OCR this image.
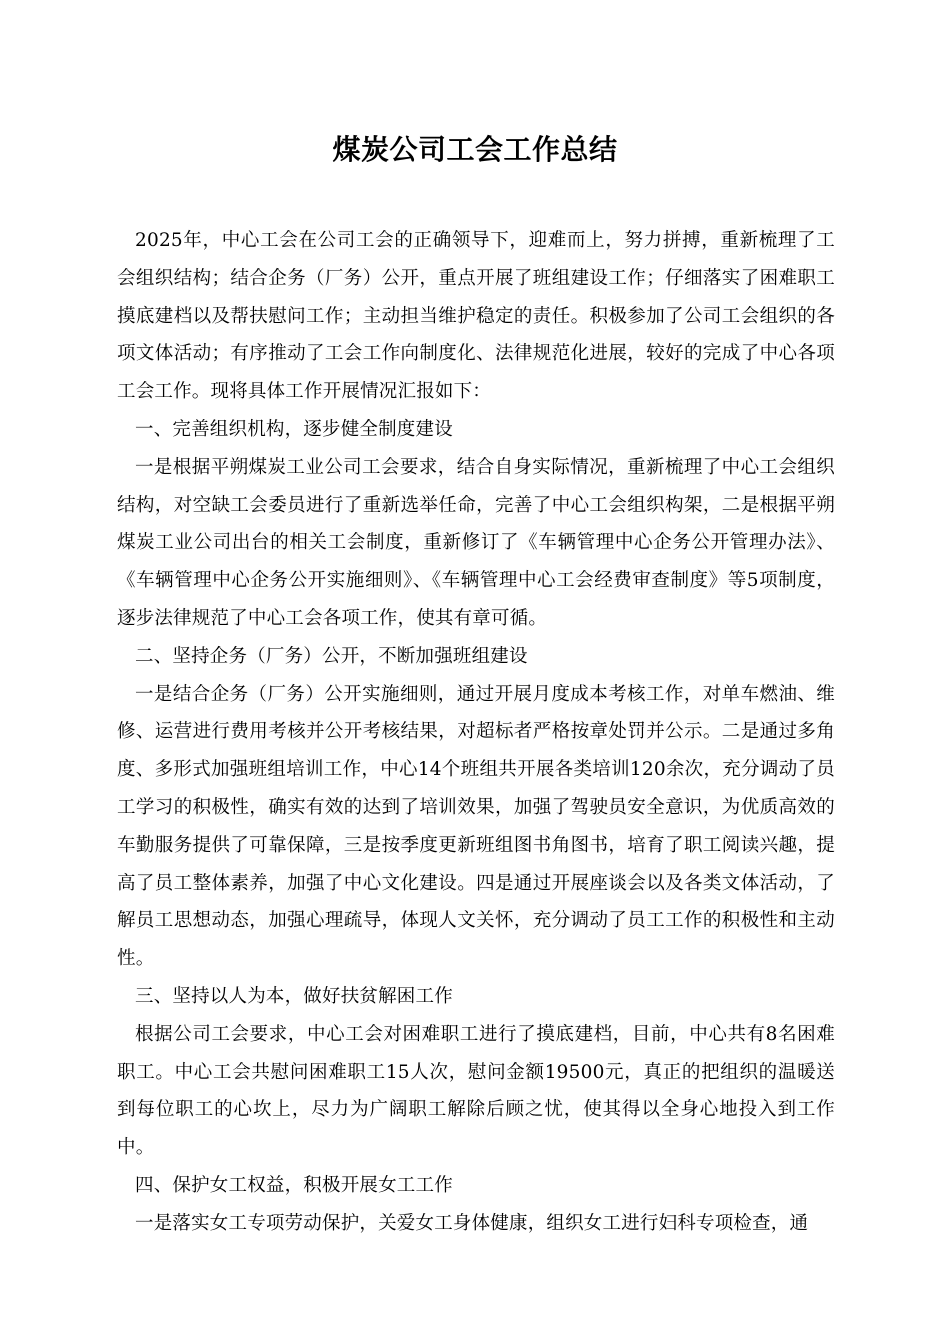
煤炭公司工会工作总结

2025年，中心工会在公司工会的正确领导下，迎难而上，努力拼搏，重新梳理了工会组织结构；结合企务（厂务）公开，重点开展了班组建设工作；仔细落实了困难职工摸底建档以及帮扶慰问工作；主动担当维护稳定的责任。积极参加了公司工会组织的各项文体活动；有序推动了工会工作向制度化、法律规范化进展，较好的完成了中心各项工会工作。现将具体工作开展情况汇报如下：

一、完善组织机构，逐步健全制度建设

一是根据平朔煤炭工业公司工会要求，结合自身实际情况，重新梳理了中心工会组织结构，对空缺工会委员进行了重新选举任命，完善了中心工会组织构架，二是根据平朔煤炭工业公司出台的相关工会制度，重新修订了《车辆管理中心企务公开管理办法》、《车辆管理中心企务公开实施细则》、《车辆管理中心工会经费审查制度》等5项制度，逐步法律规范了中心工会各项工作，使其有章可循。

二、坚持企务（厂务）公开，不断加强班组建设

一是结合企务（厂务）公开实施细则，通过开展月度成本考核工作，对单车燃油、维修、运营进行费用考核并公开考核结果，对超标者严格按章处罚并公示。二是通过多角度、多形式加强班组培训工作，中心14个班组共开展各类培训120余次，充分调动了员工学习的积极性，确实有效的达到了培训效果，加强了驾驶员安全意识，为优质高效的车勤服务提供了可靠保障，三是按季度更新班组图书角图书，培育了职工阅读兴趣，提高了员工整体素养，加强了中心文化建设。四是通过开展座谈会以及各类文体活动，了解员工思想动态，加强心理疏导，体现人文关怀，充分调动了员工工作的积极性和主动性。

三、坚持以人为本，做好扶贫解困工作

根据公司工会要求，中心工会对困难职工进行了摸底建档，目前，中心共有8名困难职工。中心工会共慰问困难职工15人次，慰问金额19500元，真正的把组织的温暖送到每位职工的心坎上，尽力为广阔职工解除后顾之忧，使其得以全身心地投入到工作中。

四、保护女工权益，积极开展女工工作

一是落实女工专项劳动保护，关爱女工身体健康，组织女工进行妇科专项检查，通
